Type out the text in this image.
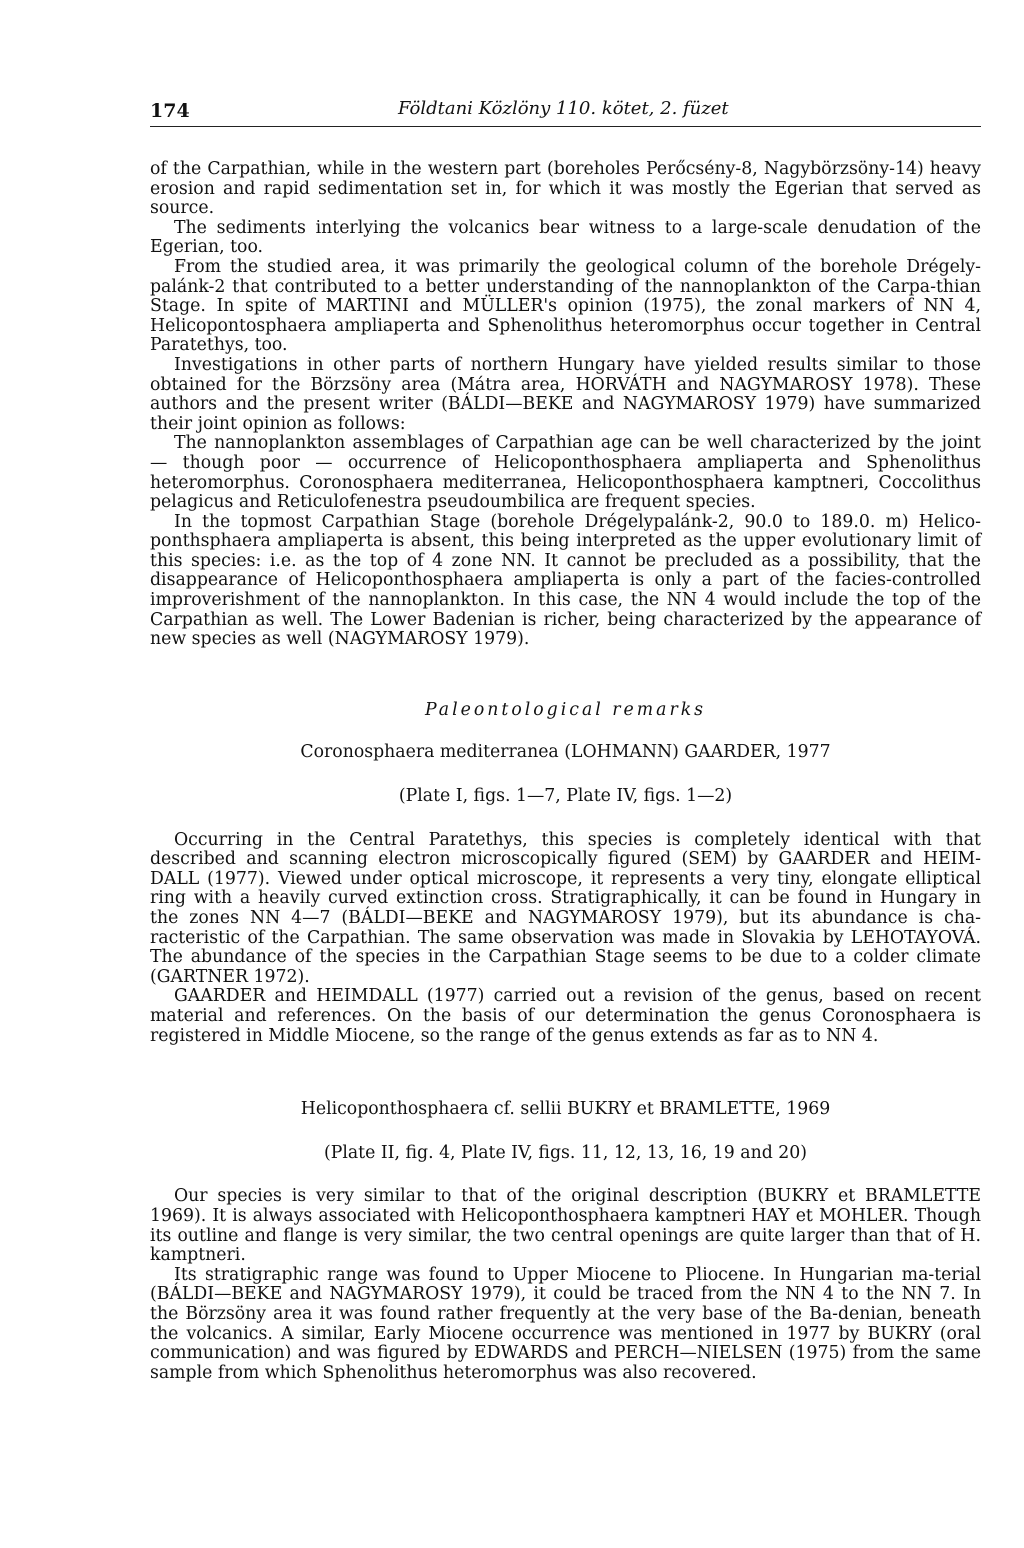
174	Földtani Közlöny 110. kötet, 2. füzet

of the Carpathian, while in the western part (boreholes Perőcsény-8, Nagybörzsöny-14) heavy erosion and rapid sedimentation set in, for which it was mostly the Egerian that served as source.

The sediments interlying the volcanics bear witness to a large-scale denudation of the Egerian, too.

From the studied area, it was primarily the geological column of the borehole Drégely-palánk-2 that contributed to a better understanding of the nannoplankton of the Carpa-thian Stage. In spite of MARTINI and MÜLLER's opinion (1975), the zonal markers of NN 4, Helicopontosphaera ampliaperta and Sphenolithus heteromorphus occur together in Central Paratethys, too.

Investigations in other parts of northern Hungary have yielded results similar to those obtained for the Börzsöny area (Mátra area, HORVÁTH and NAGYMAROSY 1978). These authors and the present writer (BÁLDI—BEKE and NAGYMAROSY 1979) have summarized their joint opinion as follows:

The nannoplankton assemblages of Carpathian age can be well characterized by the joint — though poor — occurrence of Helicoponthosphaera ampliaperta and Sphenolithus heteromorphus. Coronosphaera mediterranea, Helicoponthosphaera kamptneri, Coccolithus pelagicus and Reticulofenestra pseudoumbilica are frequent species.

In the topmost Carpathian Stage (borehole Drégelypalánk-2, 90.0 to 189.0. m) Helico-ponthsphaera ampliaperta is absent, this being interpreted as the upper evolutionary limit of this species: i.e. as the top of 4 zone NN. It cannot be precluded as a possibility, that the disappearance of Helicoponthosphaera ampliaperta is only a part of the facies-controlled improverishment of the nannoplankton. In this case, the NN 4 would include the top of the Carpathian as well. The Lower Badenian is richer, being characterized by the appearance of new species as well (NAGYMAROSY 1979).

Paleontological remarks

Coronosphaera mediterranea (LOHMANN) GAARDER, 1977

(Plate I, figs. 1—7, Plate IV, figs. 1—2)

Occurring in the Central Paratethys, this species is completely identical with that described and scanning electron microscopically figured (SEM) by GAARDER and HEIM-DALL (1977). Viewed under optical microscope, it represents a very tiny, elongate elliptical ring with a heavily curved extinction cross. Stratigraphically, it can be found in Hungary in the zones NN 4—7 (BÁLDI—BEKE and NAGYMAROSY 1979), but its abundance is cha-racteristic of the Carpathian. The same observation was made in Slovakia by LEHOTAYOVÁ. The abundance of the species in the Carpathian Stage seems to be due to a colder climate (GARTNER 1972).

GAARDER and HEIMDALL (1977) carried out a revision of the genus, based on recent material and references. On the basis of our determination the genus Coronosphaera is registered in Middle Miocene, so the range of the genus extends as far as to NN 4.

Helicoponthosphaera cf. sellii BUKRY et BRAMLETTE, 1969

(Plate II, fig. 4, Plate IV, figs. 11, 12, 13, 16, 19 and 20)

Our species is very similar to that of the original description (BUKRY et BRAMLETTE 1969). It is always associated with Helicoponthosphaera kamptneri HAY et MOHLER. Though its outline and flange is very similar, the two central openings are quite larger than that of H. kamptneri.

Its stratigraphic range was found to Upper Miocene to Pliocene. In Hungarian ma-terial (BÁLDI—BEKE and NAGYMAROSY 1979), it could be traced from the NN 4 to the NN 7. In the Börzsöny area it was found rather frequently at the very base of the Ba-denian, beneath the volcanics. A similar, Early Miocene occurrence was mentioned in 1977 by BUKRY (oral communication) and was figured by EDWARDS and PERCH—NIELSEN (1975) from the same sample from which Sphenolithus heteromorphus was also recovered.
